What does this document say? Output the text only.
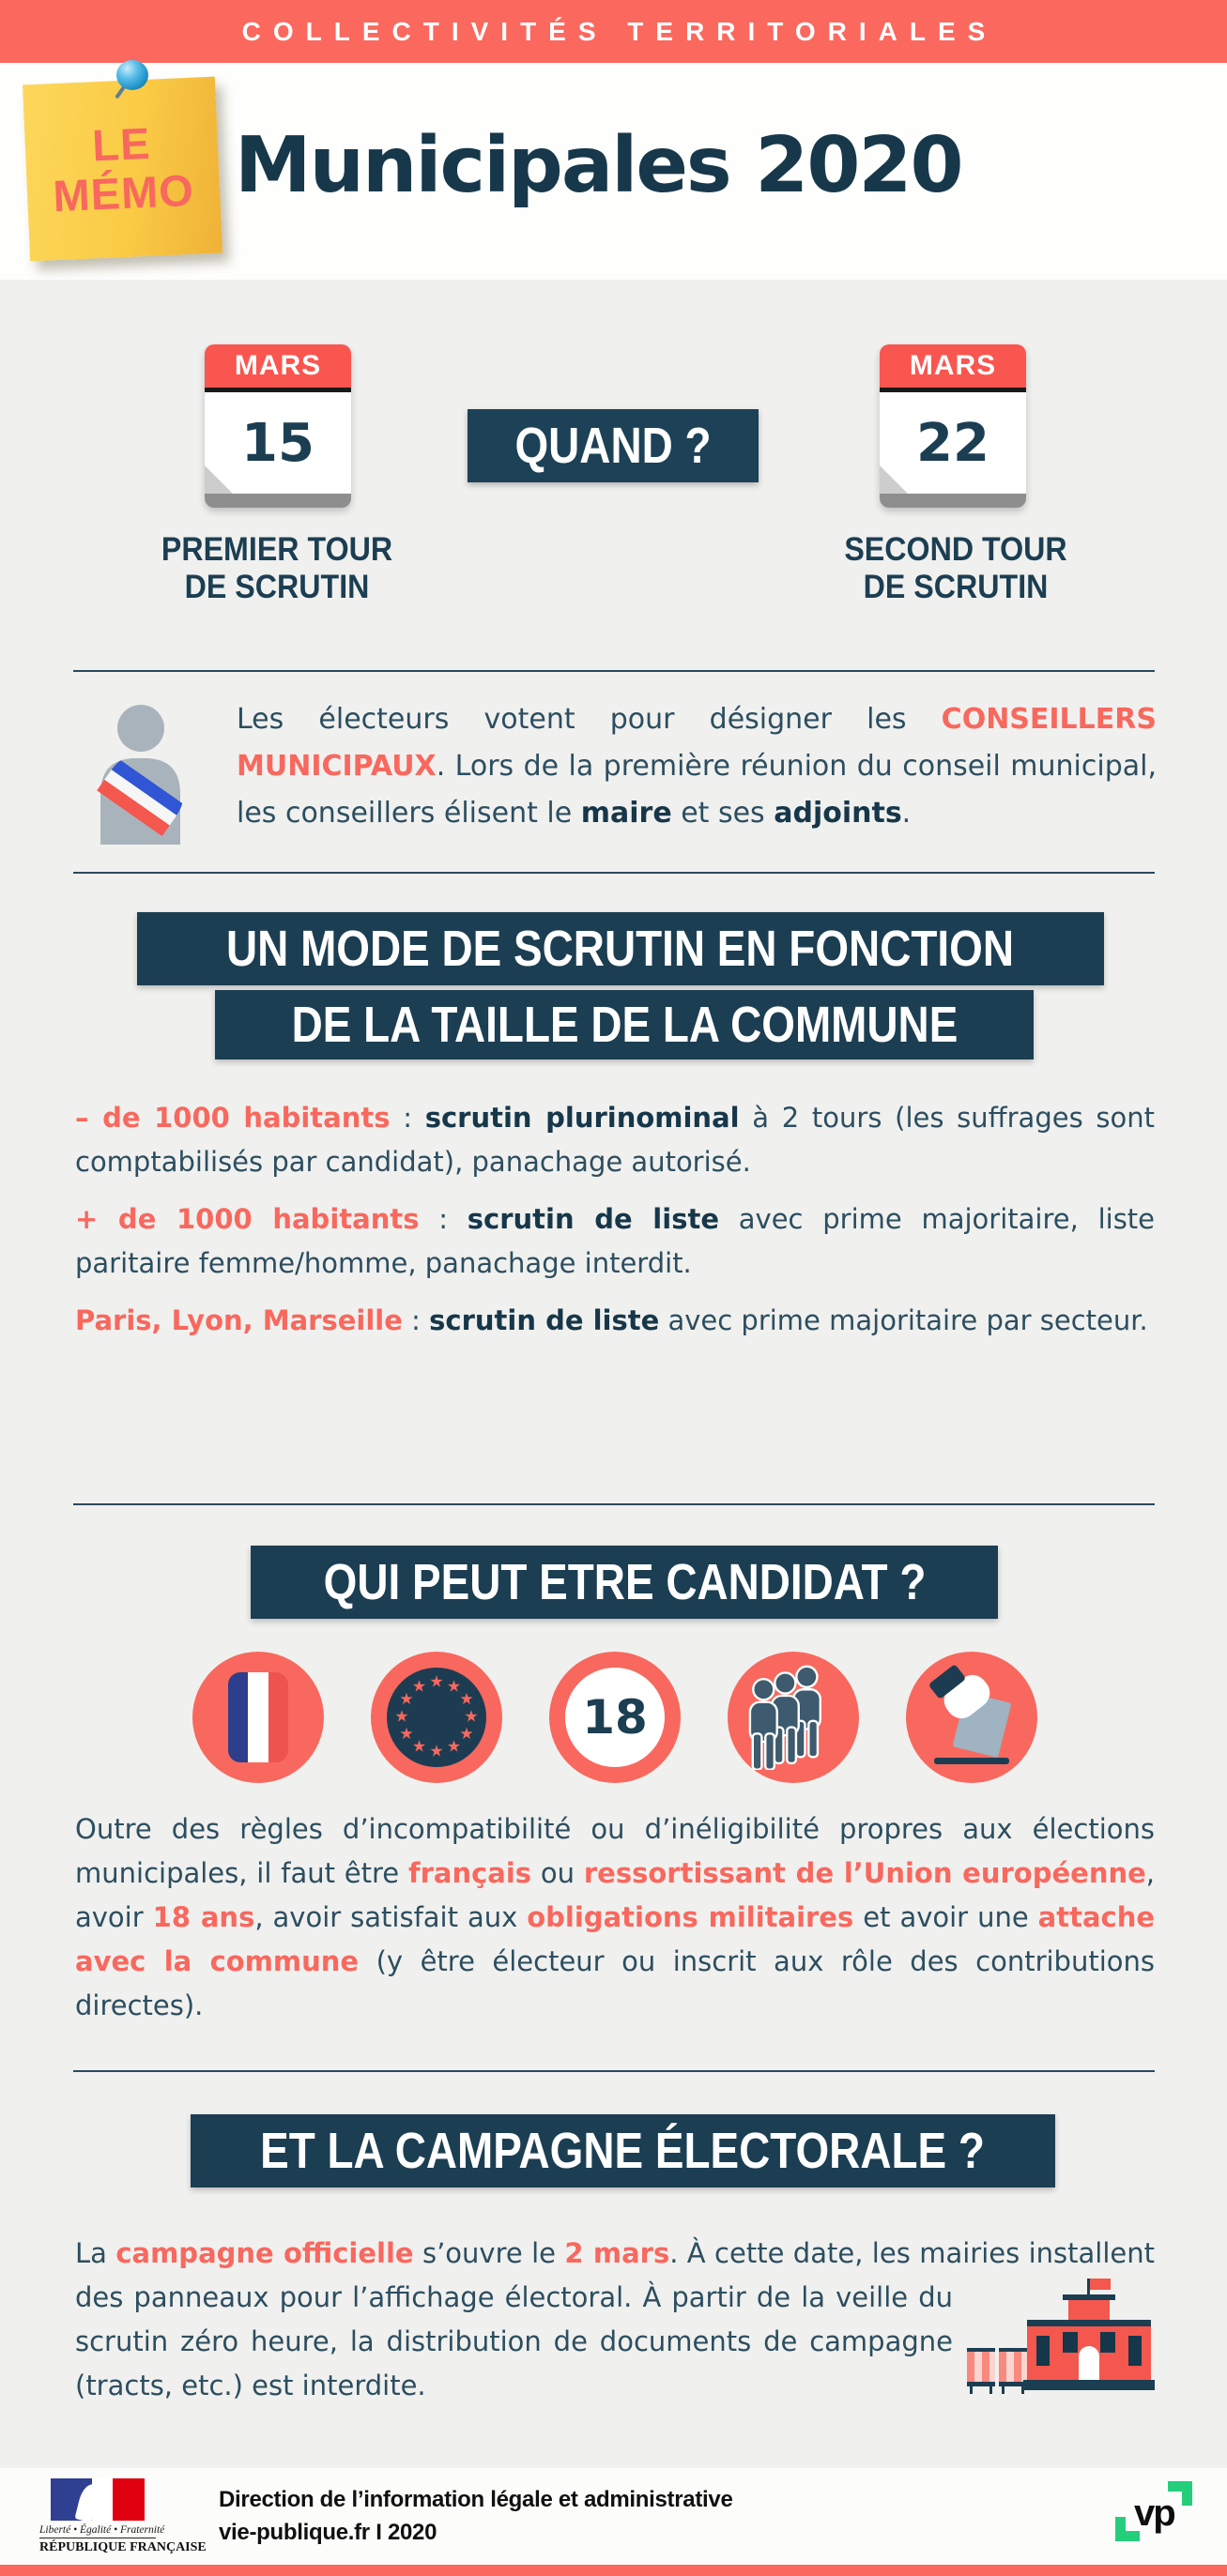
COLLECTIVITÉS TERRITORIALES
LE
MÉMO Municipales 2020
MARS
15	QUAND ?
MARS
22
PREMIER TOUR
DE SCRUTIN
SECOND TOUR
DE SCRUTIN
Les électeurs votent pour désigner les CONSEILLERS MUNICIPAUX. Lors de la première réunion du conseil municipal, les conseillers élisent le maire et ses adjoints.
UN MODE DE SCRUTIN EN FONCTION
DE LA TAILLE DE LA COMMUNE

– de 1000 habitants : scrutin plurinominal à 2 tours (les suffrages sont comptabilisés par candidat), panachage autorisé.

+ de 1000 habitants : scrutin de liste avec prime majoritaire, liste paritaire femme/homme, panachage interdit.

Paris, Lyon, Marseille : scrutin de liste avec prime majoritaire par secteur.

QUI PEUT ETRE CANDIDAT ?
★ ★
★
★
★
★
★
★
★
★
★
★
18
Outre des règles d’incompatibilité ou d’inéligibilité propres aux élections municipales, il faut être français ou ressortissant de l’Union européenne, avoir 18 ans, avoir satisfait aux obligations militaires et avoir une attache avec la commune (y être électeur ou inscrit aux rôle des contributions directes).
ET LA CAMPAGNE ÉLECTORALE ?
La campagne officielle s’ouvre le 2 mars. À cette date, les mairies installent des panneaux pour l’affichage électoral. À partir de la veille du scrutin zéro heure, la distribution de documents de campagne (tracts, etc.) est interdite.
Liberté • Égalité • Fraternité
RÉPUBLIQUE FRANÇAISE
Direction de l’information légale et administrative
vie-publique.fr I 2020	vp
